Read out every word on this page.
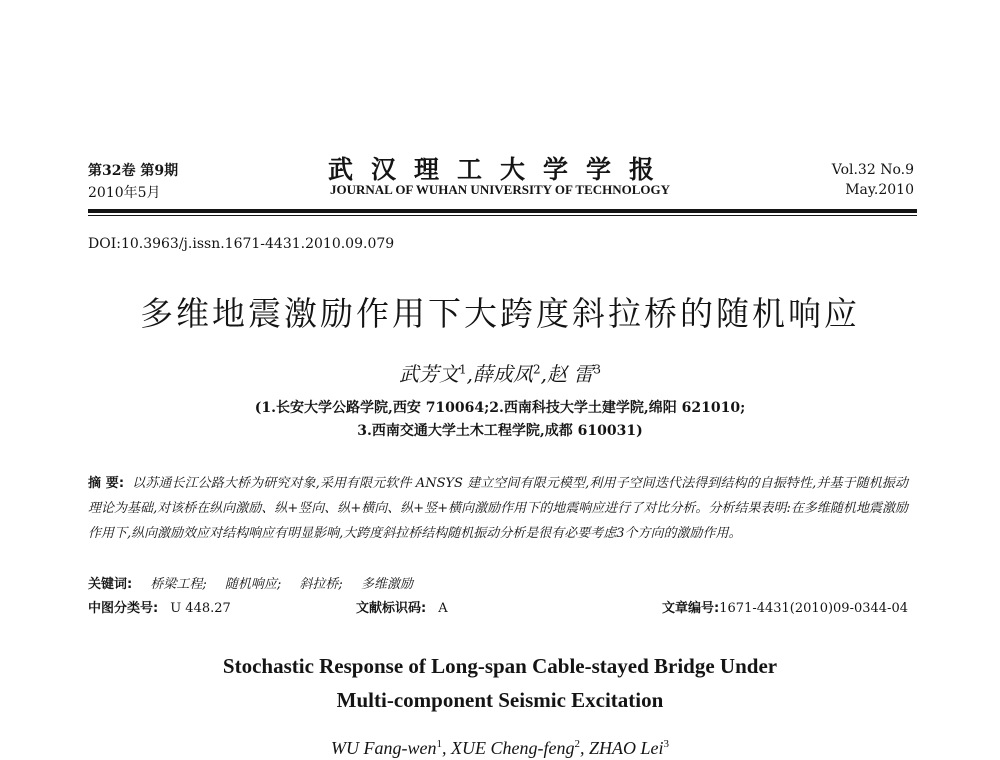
第32卷 第9期
2010年5月
武汉理工大学学报
JOURNAL OF WUHAN UNIVERSITY OF TECHNOLOGY
Vol.32 No.9
May.2010
DOI:10.3963/j.issn.1671-4431.2010.09.079
多维地震激励作用下大跨度斜拉桥的随机响应
武芳文$^1$,薛成凤$^2$,赵 雷$^3$
(1.长安大学公路学院,西安 710064;2.西南科技大学土建学院,绵阳 621010;
3.西南交通大学土木工程学院,成都 610031)
摘 要: 以苏通长江公路大桥为研究对象,采用有限元软件 ANSYS 建立空间有限元模型,利用子空间迭代法得到结构的自振特性,并基于随机振动理论为基础,对该桥在纵向激励、纵+竖向、纵+横向、纵+竖+横向激励作用下的地震响应进行了对比分析。分析结果表明:在多维随机地震激励作用下,纵向激励效应对结构响应有明显影响,大跨度斜拉桥结构随机振动分析是很有必要考虑3个方向的激励作用。
关键词: 桥梁工程; 随机响应; 斜拉桥; 多维激励
中图分类号: U 448.27	文献标识码: A	文章编号:1671-4431(2010)09-0344-04
Stochastic Response of Long-span Cable-stayed Bridge Under
Multi-component Seismic Excitation
WU Fang-wen$^1$, XUE Cheng-feng$^2$, ZHAO Lei$^3$
